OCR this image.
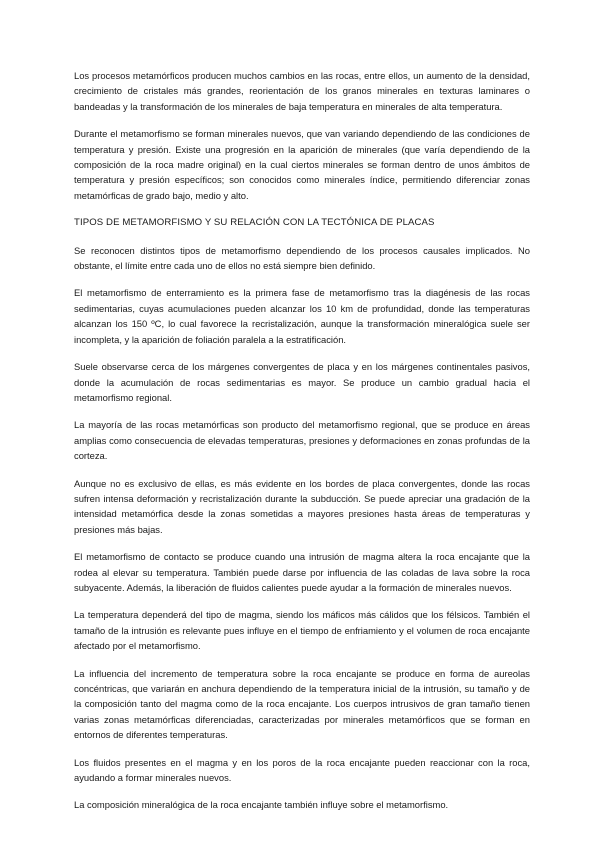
Los procesos metamórficos producen muchos cambios en las rocas, entre ellos, un aumento de la densidad, crecimiento de cristales más grandes, reorientación de los granos minerales en texturas laminares o bandeadas y la transformación de los minerales de baja temperatura en minerales de alta temperatura.

Durante el metamorfismo se forman minerales nuevos, que van variando dependiendo de las condiciones de temperatura y presión. Existe una progresión en la aparición de minerales (que varía dependiendo de la composición de la roca madre original) en la cual ciertos minerales se forman dentro de unos ámbitos de temperatura y presión específicos; son conocidos como minerales índice, permitiendo diferenciar zonas metamórficas de grado bajo, medio y alto.

TIPOS DE METAMORFISMO Y SU RELACIÓN CON LA TECTÓNICA DE PLACAS

Se reconocen distintos tipos de metamorfismo dependiendo de los procesos causales implicados. No obstante, el límite entre cada uno de ellos no está siempre bien definido.

El metamorfismo de enterramiento es la primera fase de metamorfismo tras la diagénesis de las rocas sedimentarias, cuyas acumulaciones pueden alcanzar los 10 km de profundidad, donde las temperaturas alcanzan los 150 ºC, lo cual favorece la recristalización, aunque la transformación mineralógica suele ser incompleta, y la aparición de foliación paralela a la estratificación.

Suele observarse cerca de los márgenes convergentes de placa y en los márgenes continentales pasivos, donde la acumulación de rocas sedimentarias es mayor. Se produce un cambio gradual hacia el metamorfismo regional.

La mayoría de las rocas metamórficas son producto del metamorfismo regional, que se produce en áreas amplias como consecuencia de elevadas temperaturas, presiones y deformaciones en zonas profundas de la corteza.

Aunque no es exclusivo de ellas, es más evidente en los bordes de placa convergentes, donde las rocas sufren intensa deformación y recristalización durante la subducción. Se puede apreciar una gradación de la intensidad metamórfica desde la zonas sometidas a mayores presiones hasta áreas de temperaturas y presiones más bajas.

El metamorfismo de contacto se produce cuando una intrusión de magma altera la roca encajante que la rodea al elevar su temperatura. También puede darse por influencia de las coladas de lava sobre la roca subyacente. Además, la liberación de fluidos calientes puede ayudar a la formación de minerales nuevos.

La temperatura dependerá del tipo de magma, siendo los máficos más cálidos que los félsicos. También el tamaño de la intrusión es relevante pues influye en el tiempo de enfriamiento y el volumen de roca encajante afectado por el metamorfismo.

La influencia del incremento de temperatura sobre la roca encajante se produce en forma de aureolas concéntricas, que variarán en anchura dependiendo de la temperatura inicial de la intrusión, su tamaño y de la composición tanto del magma como de la roca encajante. Los cuerpos intrusivos de gran tamaño tienen varias zonas metamórficas diferenciadas, caracterizadas por minerales metamórficos que se forman en entornos de diferentes temperaturas.

Los fluidos presentes en el magma y en los poros de la roca encajante pueden reaccionar con la roca, ayudando a formar minerales nuevos.

La composición mineralógica de la roca encajante también influye sobre el metamorfismo.
